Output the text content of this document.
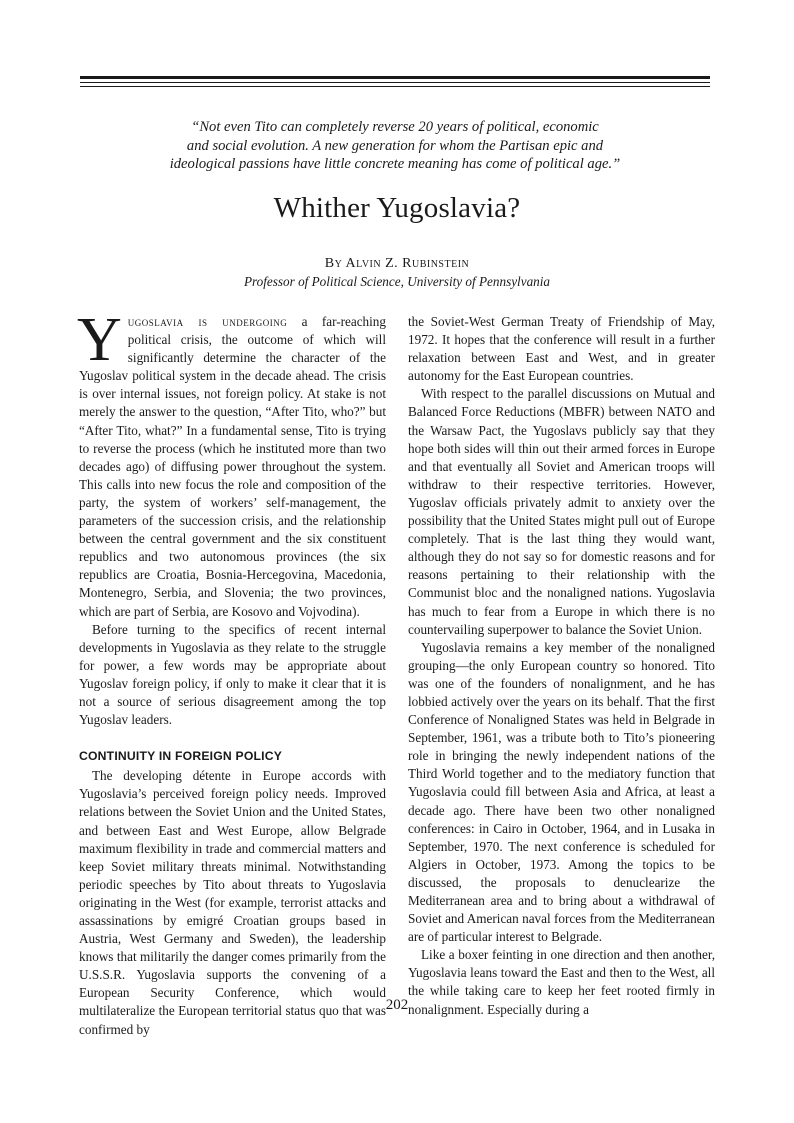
“Not even Tito can completely reverse 20 years of political, economic
and social evolution. A new generation for whom the Partisan epic and
ideological passions have little concrete meaning has come of political age.”
Whither Yugoslavia?
By Alvin Z. Rubinstein
Professor of Political Science, University of Pennsylvania

Yugoslavia is undergoing a far-reaching political crisis, the outcome of which will significantly determine the character of the Yugoslav political system in the decade ahead. The crisis is over internal issues, not foreign policy. At stake is not merely the answer to the question, “After Tito, who?” but “After Tito, what?” In a fundamental sense, Tito is trying to reverse the process (which he instituted more than two decades ago) of diffusing power throughout the system. This calls into new focus the role and composition of the party, the system of workers’ self-management, the parameters of the succession crisis, and the relationship between the central government and the six constituent republics and two autonomous provinces (the six republics are Croatia, Bosnia-Hercegovina, Macedonia, Montenegro, Serbia, and Slovenia; the two provinces, which are part of Serbia, are Kosovo and Vojvodina).

Before turning to the specifics of recent internal developments in Yugoslavia as they relate to the struggle for power, a few words may be appropriate about Yugoslav foreign policy, if only to make it clear that it is not a source of serious disagreement among the top Yugoslav leaders.

CONTINUITY IN FOREIGN POLICY

The developing détente in Europe accords with Yugoslavia’s perceived foreign policy needs. Improved relations between the Soviet Union and the United States, and between East and West Europe, allow Belgrade maximum flexibility in trade and commercial matters and keep Soviet military threats minimal. Notwithstanding periodic speeches by Tito about threats to Yugoslavia originating in the West (for example, terrorist attacks and assassinations by emigré Croatian groups based in Austria, West Germany and Sweden), the leadership knows that militarily the danger comes primarily from the U.S.S.R. Yugoslavia supports the convening of a European Security Conference, which would multilateralize the European territorial status quo that was confirmed by

the Soviet-West German Treaty of Friendship of May, 1972. It hopes that the conference will result in a further relaxation between East and West, and in greater autonomy for the East European countries.

With respect to the parallel discussions on Mutual and Balanced Force Reductions (MBFR) between NATO and the Warsaw Pact, the Yugoslavs publicly say that they hope both sides will thin out their armed forces in Europe and that eventually all Soviet and American troops will withdraw to their respective territories. However, Yugoslav officials privately admit to anxiety over the possibility that the United States might pull out of Europe completely. That is the last thing they would want, although they do not say so for domestic reasons and for reasons pertaining to their relationship with the Communist bloc and the nonaligned nations. Yugoslavia has much to fear from a Europe in which there is no countervailing superpower to balance the Soviet Union.

Yugoslavia remains a key member of the nonaligned grouping—the only European country so honored. Tito was one of the founders of nonalignment, and he has lobbied actively over the years on its behalf. That the first Conference of Nonaligned States was held in Belgrade in September, 1961, was a tribute both to Tito’s pioneering role in bringing the newly independent nations of the Third World together and to the mediatory function that Yugoslavia could fill between Asia and Africa, at least a decade ago. There have been two other nonaligned conferences: in Cairo in October, 1964, and in Lusaka in September, 1970. The next conference is scheduled for Algiers in October, 1973. Among the topics to be discussed, the proposals to denuclearize the Mediterranean area and to bring about a withdrawal of Soviet and American naval forces from the Mediterranean are of particular interest to Belgrade.

Like a boxer feinting in one direction and then another, Yugoslavia leans toward the East and then to the West, all the while taking care to keep her feet rooted firmly in nonalignment. Especially during a

202
